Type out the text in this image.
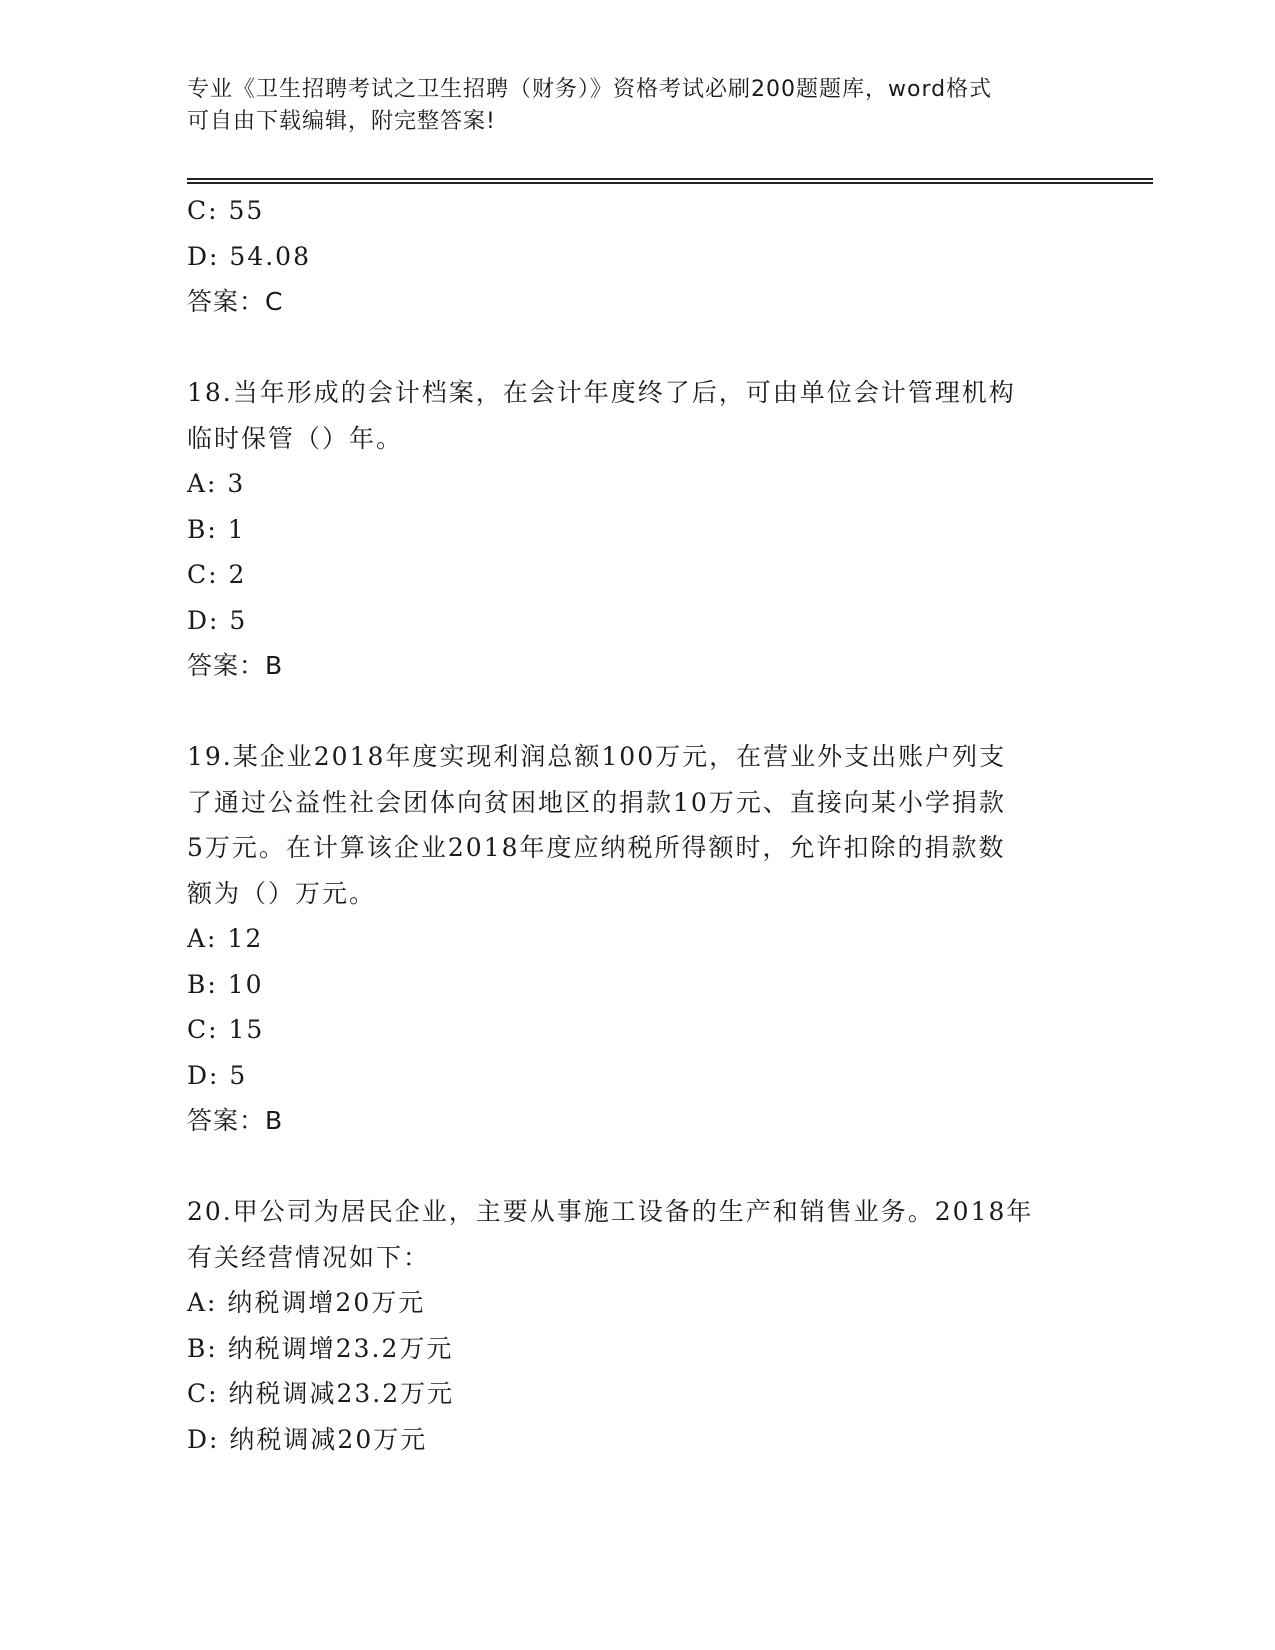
专业《卫生招聘考试之卫生招聘（财务）》资格考试必刷200题题库，word格式
可自由下载编辑，附完整答案!
C: 55
D: 54.08
答案：C
18.当年形成的会计档案，在会计年度终了后，可由单位会计管理机构
临时保管（）年。
A: 3
B: 1
C: 2
D: 5
答案：B
19.某企业2018年度实现利润总额100万元，在营业外支出账户列支
了通过公益性社会团体向贫困地区的捐款10万元、直接向某小学捐款
5万元。在计算该企业2018年度应纳税所得额时，允许扣除的捐款数
额为（）万元。
A: 12
B: 10
C: 15
D: 5
答案：B
20.甲公司为居民企业，主要从事施工设备的生产和销售业务。2018年
有关经营情况如下：
A: 纳税调增20万元
B: 纳税调增23.2万元
C: 纳税调减23.2万元
D: 纳税调减20万元
